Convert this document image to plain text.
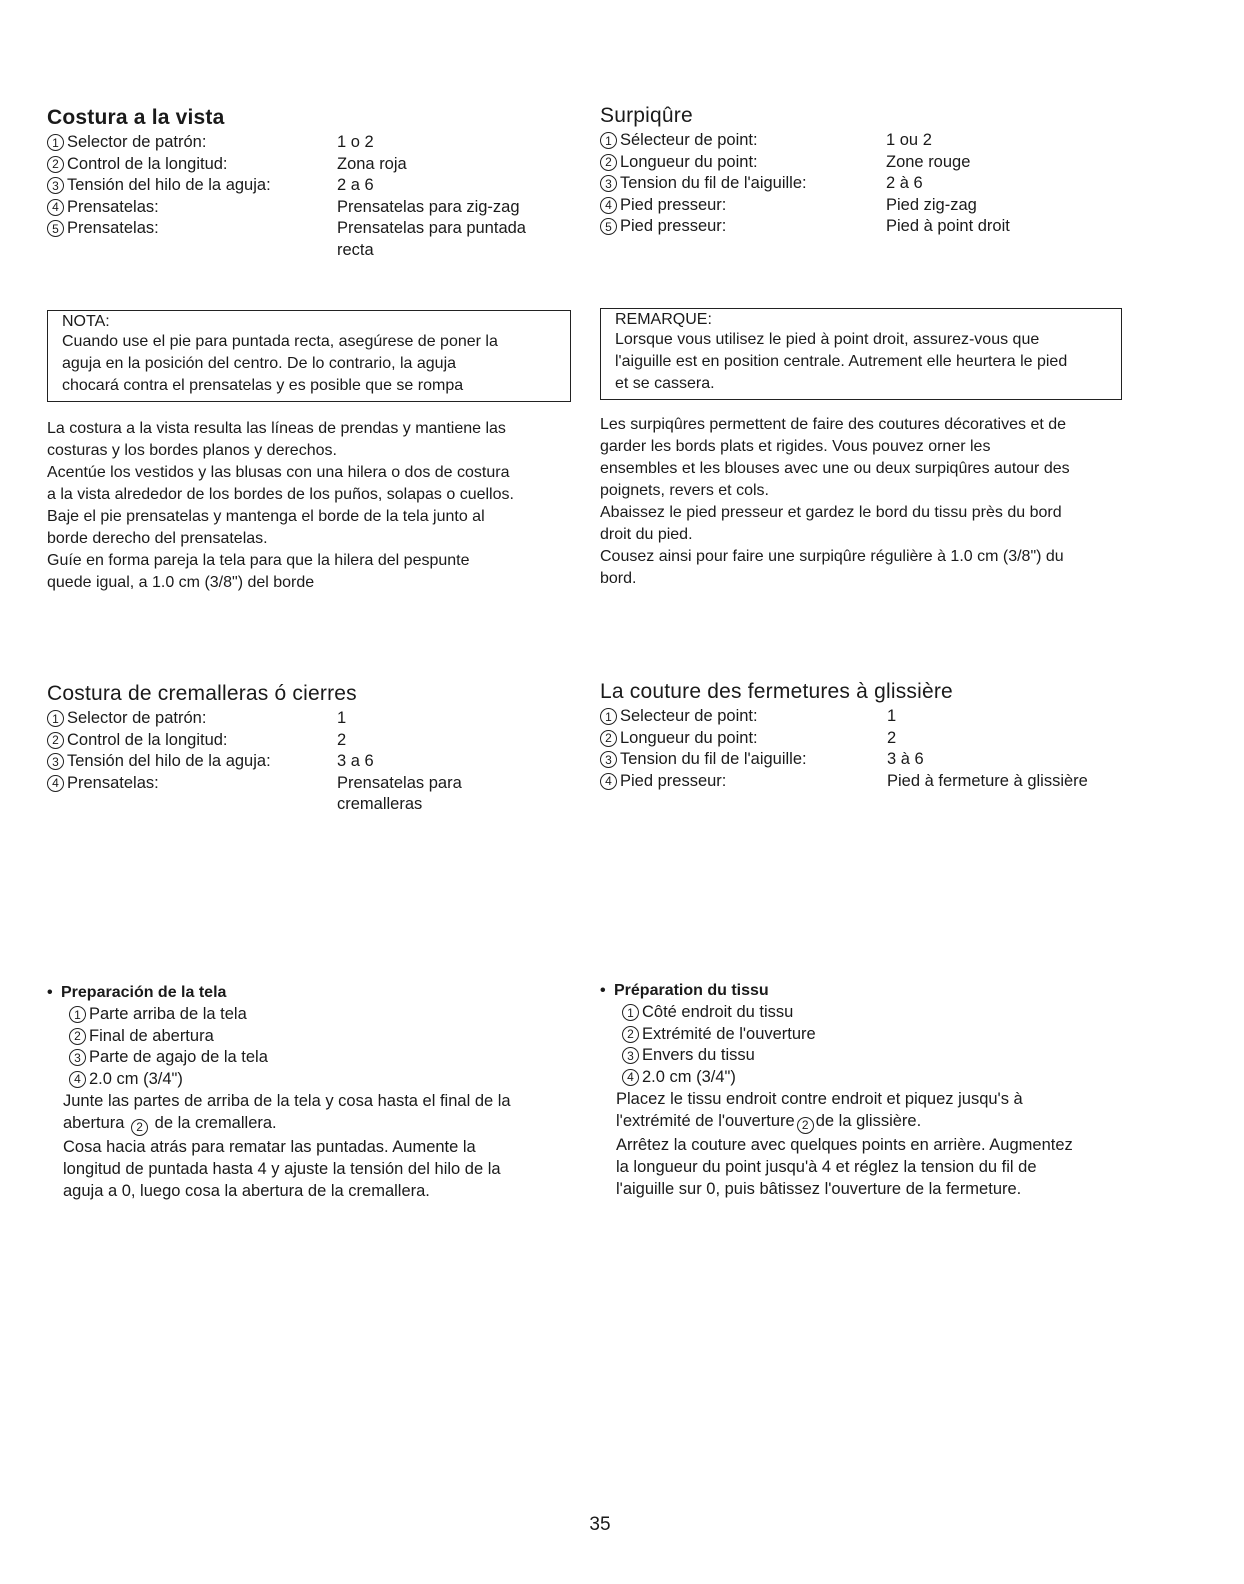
Costura a la vista
1 Selector de patrón:	1 o 2
2 Control de la longitud:	Zona roja
3 Tensión del hilo de la aguja:	2 a 6
4 Prensatelas:	Prensatelas para zig-zag
5 Prensatelas:	Prensatelas para puntada recta
NOTA:
Cuando use el pie para puntada recta, asegúrese de poner la
aguja en la posición del centro. De lo contrario, la aguja
chocará contra el prensatelas y es posible que se rompa

La costura a la vista resulta las líneas de prendas y mantiene las

costuras y los bordes planos y derechos.

Acentúe los vestidos y las blusas con una hilera o dos de costura

a la vista alrededor de los bordes de los puños, solapas o cuellos.

Baje el pie prensatelas y mantenga el borde de la tela junto al

borde derecho del prensatelas.

Guíe en forma pareja la tela para que la hilera del pespunte

quede igual, a 1.0 cm (3/8") del borde

Surpiqûre
1 Sélecteur de point:	1 ou 2
2 Longueur du point:	Zone rouge
3 Tension du fil de l'aiguille:	2 à 6
4 Pied presseur:	Pied zig-zag
5 Pied presseur:	Pied à point droit
REMARQUE:
Lorsque vous utilisez le pied à point droit, assurez-vous que
l'aiguille est en position centrale. Autrement elle heurtera le pied
et se cassera.

Les surpiqûres permettent de faire des coutures décoratives et de

garder les bords plats et rigides. Vous pouvez orner les

ensembles et les blouses avec une ou deux surpiqûres autour des

poignets, revers et cols.

Abaissez le pied presseur et gardez le bord du tissu près du bord

droit du pied.

Cousez ainsi pour faire une surpiqûre régulière à 1.0 cm (3/8") du

bord.

Costura de cremalleras ó cierres
1 Selector de patrón:	1
2 Control de la longitud:	2
3 Tensión del hilo de la aguja:	3 a 6
4 Prensatelas:	Prensatelas para cremalleras
La couture des fermetures à glissière
1 Selecteur de point:	1
2 Longueur du point:	2
3 Tension du fil de l'aiguille:	3 à 6
4 Pied presseur:	Pied à fermeture à glissière
• Preparación de la tela
1 Parte arriba de la tela
2 Final de abertura
3 Parte de agajo de la tela
4 2.0 cm (3/4")
Junte las partes de arriba de la tela y cosa hasta el final de la
abertura 2 de la cremallera.
Cosa hacia atrás para rematar las puntadas. Aumente la
longitud de puntada hasta 4 y ajuste la tensión del hilo de la
aguja a 0, luego cosa la abertura de la cremallera.
• Préparation du tissu
1 Côté endroit du tissu
2 Extrémité de l'ouverture
3 Envers du tissu
4 2.0 cm (3/4")
Placez le tissu endroit contre endroit et piquez jusqu's à
l'extrémité de l'ouverture 2 de la glissière.
Arrêtez la couture avec quelques points en arrière. Augmentez
la longueur du point jusqu'à 4 et réglez la tension du fil de
l'aiguille sur 0, puis bâtissez l'ouverture de la fermeture.
35
